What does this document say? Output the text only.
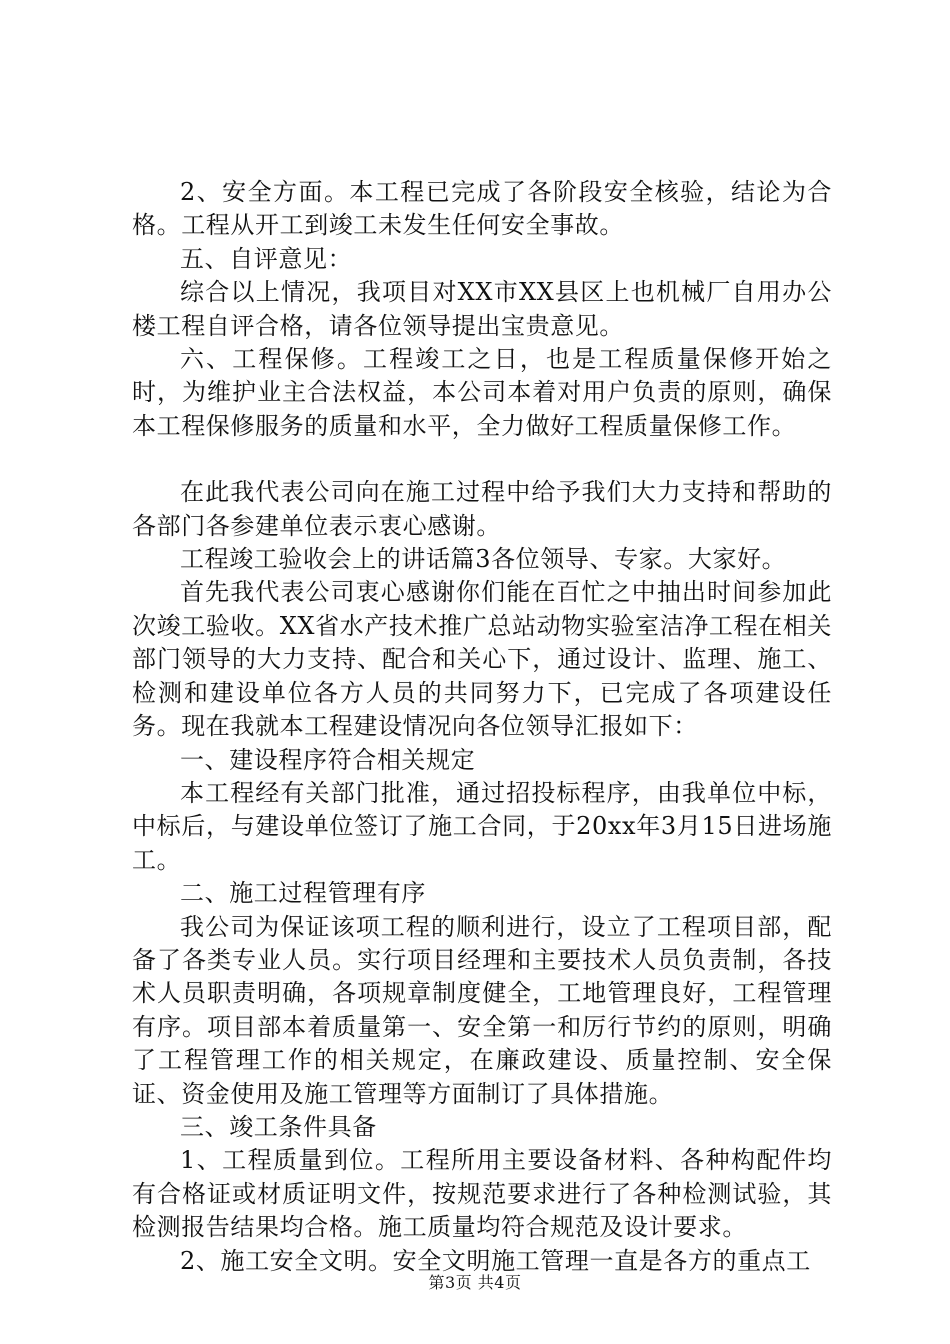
2、安全方面。本工程已完成了各阶段安全核验，结论为合格。工程从开工到竣工未发生任何安全事故。

五、自评意见：

综合以上情况，我项目对XX市XX县区上也机械厂自用办公楼工程自评合格，请各位领导提出宝贵意见。

六、工程保修。工程竣工之日，也是工程质量保修开始之时，为维护业主合法权益，本公司本着对用户负责的原则，确保本工程保修服务的质量和水平，全力做好工程质量保修工作。

在此我代表公司向在施工过程中给予我们大力支持和帮助的各部门各参建单位表示衷心感谢。

工程竣工验收会上的讲话篇3各位领导、专家。大家好。

首先我代表公司衷心感谢你们能在百忙之中抽出时间参加此次竣工验收。XX省水产技术推广总站动物实验室洁净工程在相关部门领导的大力支持、配合和关心下，通过设计、监理、施工、检测和建设单位各方人员的共同努力下，已完成了各项建设任务。现在我就本工程建设情况向各位领导汇报如下：

一、建设程序符合相关规定

本工程经有关部门批准，通过招投标程序，由我单位中标，中标后，与建设单位签订了施工合同，于20xx年3月15日进场施工。

二、施工过程管理有序

我公司为保证该项工程的顺利进行，设立了工程项目部，配备了各类专业人员。实行项目经理和主要技术人员负责制，各技术人员职责明确，各项规章制度健全，工地管理良好，工程管理有序。项目部本着质量第一、安全第一和厉行节约的原则，明确了工程管理工作的相关规定，在廉政建设、质量控制、安全保证、资金使用及施工管理等方面制订了具体措施。

三、竣工条件具备

1、工程质量到位。工程所用主要设备材料、各种构配件均有合格证或材质证明文件，按规范要求进行了各种检测试验，其检测报告结果均合格。施工质量均符合规范及设计要求。

2、施工安全文明。安全文明施工管理一直是各方的重点工

第3页 共4页
